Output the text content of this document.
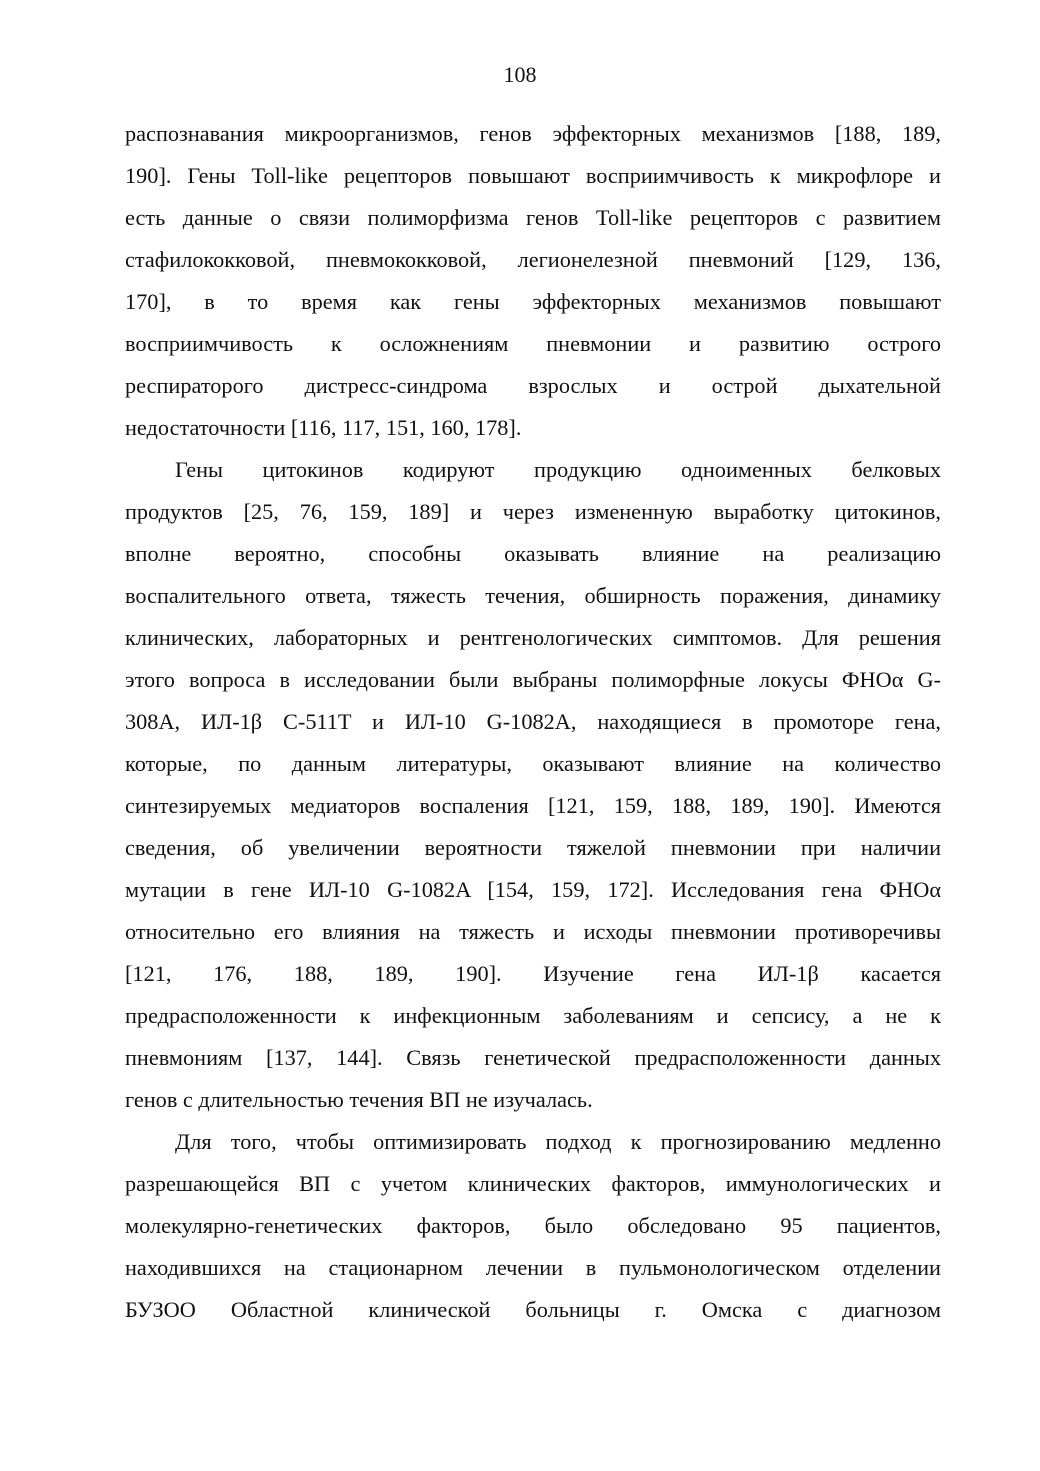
108
распознавания микроорганизмов, генов эффекторных механизмов [188, 189,
190]. Гены Toll-like рецепторов повышают восприимчивость к микрофлоре и
есть данные о связи полиморфизма генов Toll-like рецепторов с развитием
стафилококковой, пневмококковой, легионелезной пневмоний [129, 136,
170], в то время как гены эффекторных механизмов повышают
восприимчивость к осложнениям пневмонии и развитию острого
респираторого дистресс-синдрома взрослых и острой дыхательной
недостаточности [116, 117, 151, 160, 178].
Гены цитокинов кодируют продукцию одноименных белковых
продуктов [25, 76, 159, 189] и через измененную выработку цитокинов,
вполне вероятно, способны оказывать влияние на реализацию
воспалительного ответа, тяжесть течения, обширность поражения, динамику
клинических, лабораторных и рентгенологических симптомов. Для решения
этого вопроса в исследовании были выбраны полиморфные локусы ФНОα G-
308A, ИЛ-1β C-511T и ИЛ-10 G-1082A, находящиеся в промоторе гена,
которые, по данным литературы, оказывают влияние на количество
синтезируемых медиаторов воспаления [121, 159, 188, 189, 190]. Имеются
сведения, об увеличении вероятности тяжелой пневмонии при наличии
мутации в гене ИЛ-10 G-1082A [154, 159, 172]. Исследования гена ФНОα
относительно его влияния на тяжесть и исходы пневмонии противоречивы
[121, 176, 188, 189, 190]. Изучение гена ИЛ-1β касается
предрасположенности к инфекционным заболеваниям и сепсису, а не к
пневмониям [137, 144]. Связь генетической предрасположенности данных
генов с длительностью течения ВП не изучалась.
Для того, чтобы оптимизировать подход к прогнозированию медленно
разрешающейся ВП с учетом клинических факторов, иммунологических и
молекулярно-генетических факторов, было обследовано 95 пациентов,
находившихся на стационарном лечении в пульмонологическом отделении
БУЗОО Областной клинической больницы г. Омска с диагнозом
